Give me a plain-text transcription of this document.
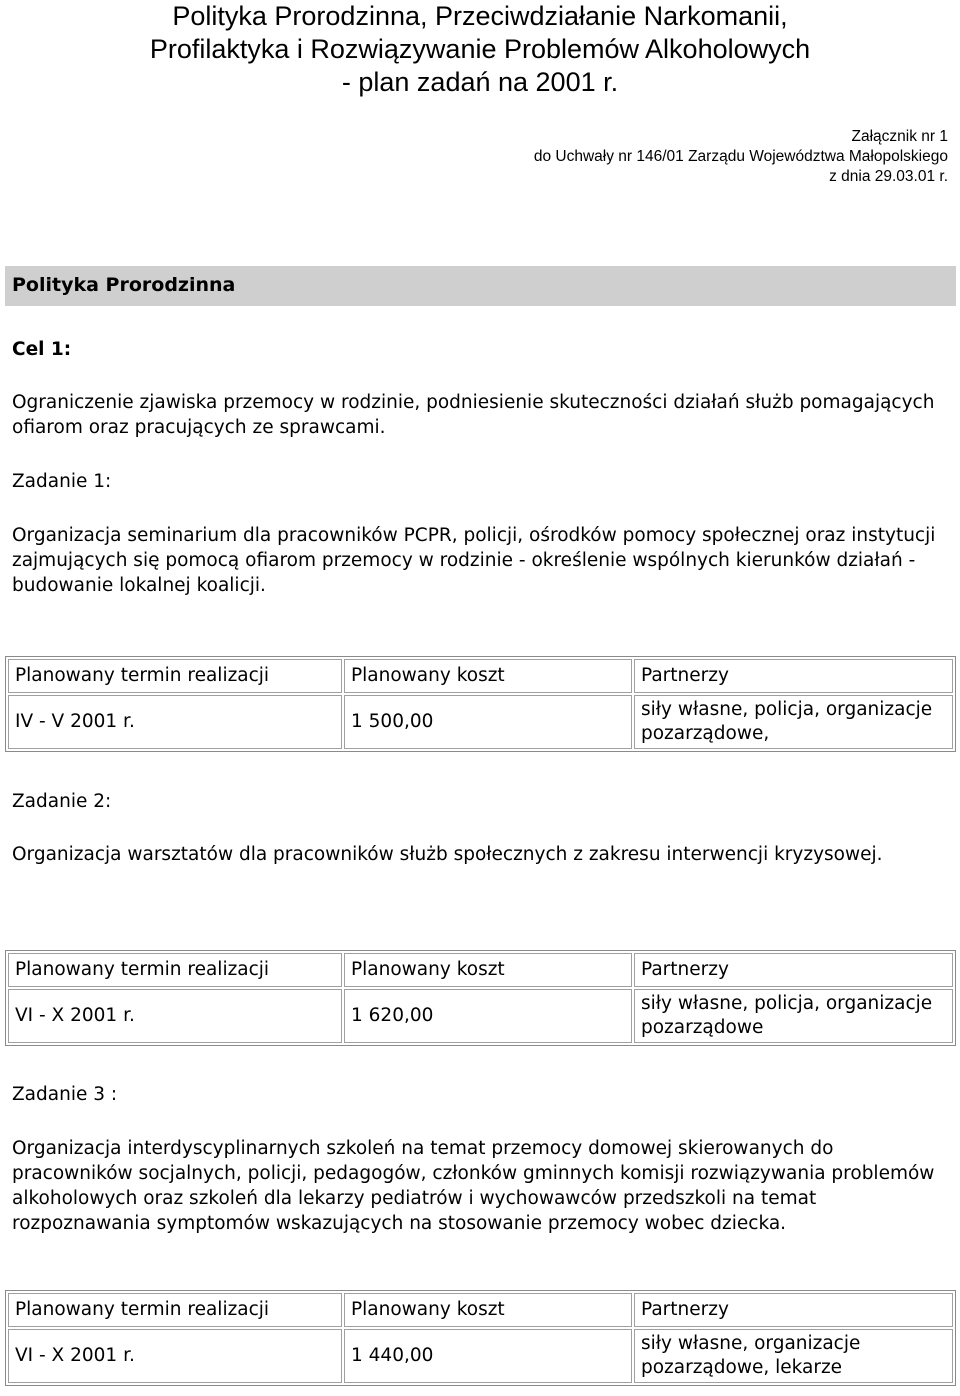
Polityka Prorodzinna, Przeciwdziałanie Narkomanii,
Profilaktyka i Rozwiązywanie Problemów Alkoholowych
- plan zadań na 2001 r.
Załącznik nr 1
do Uchwały nr 146/01 Zarządu Województwa Małopolskiego
z dnia 29.03.01 r.
Polityka Prorodzinna
Cel 1:
Ograniczenie zjawiska przemocy w rodzinie, podniesienie skuteczności działań służb pomagających ofiarom oraz pracujących ze sprawcami.
Zadanie 1:
Organizacja seminarium dla pracowników PCPR, policji, ośrodków pomocy społecznej oraz instytucji zajmujących się pomocą ofiarom przemocy w rodzinie - określenie wspólnych kierunków działań - budowanie lokalnej koalicji.
Planowany termin realizacji	Planowany koszt	Partnerzy
IV - V 2001 r.	1 500,00	siły własne, policja, organizacje pozarządowe,
Zadanie 2:
Organizacja warsztatów dla pracowników służb społecznych z zakresu interwencji kryzysowej.
Planowany termin realizacji	Planowany koszt	Partnerzy
VI - X 2001 r.	1 620,00	siły własne, policja, organizacje pozarządowe
Zadanie 3 :
Organizacja interdyscyplinarnych szkoleń na temat przemocy domowej skierowanych do pracowników socjalnych, policji, pedagogów, członków gminnych komisji rozwiązywania problemów alkoholowych oraz szkoleń dla lekarzy pediatrów i wychowawców przedszkoli na temat rozpoznawania symptomów wskazujących na stosowanie przemocy wobec dziecka.
Planowany termin realizacji	Planowany koszt	Partnerzy
VI - X 2001 r.	1 440,00	siły własne, organizacje pozarządowe, lekarze
